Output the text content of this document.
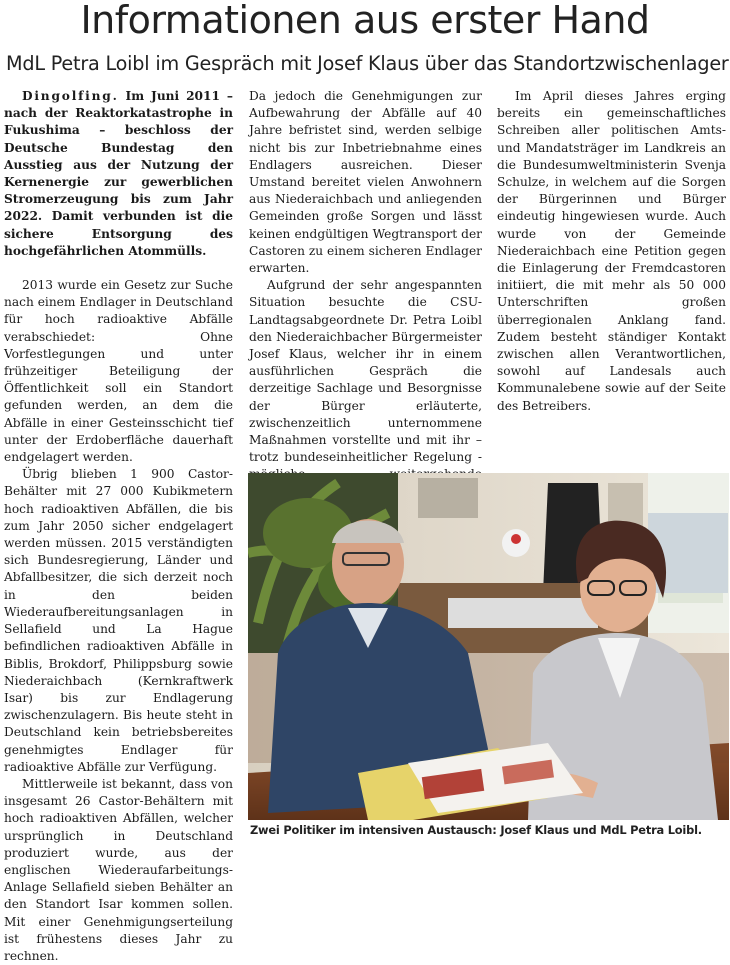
Informationen aus erster Hand
MdL Petra Loibl im Gespräch mit Josef Klaus über das Standortzwischenlager

Dingolfing. Im Juni 2011 – nach der Reaktorkatastrophe in Fukushima – beschloss der Deutsche Bundestag den Ausstieg aus der Nutzung der Kernenergie zur gewerblichen Stromerzeugung bis zum Jahr 2022. Damit verbunden ist die sichere Entsorgung des hochgefährlichen Atommülls.

2013 wurde ein Gesetz zur Suche nach einem Endlager in Deutschland für hoch radioaktive Abfälle verabschiedet: Ohne Vorfestlegungen und unter frühzeitiger Beteiligung der Öffentlichkeit soll ein Standort gefunden werden, an dem die Abfälle in einer Gesteinsschicht tief unter der Erdoberfläche dauerhaft endgelagert werden.

Übrig blieben 1 900 Castor-Behälter mit 27 000 Kubikmetern hoch radioaktiven Abfällen, die bis zum Jahr 2050 sicher endgelagert werden müssen. 2015 verständigten sich Bundesregierung, Länder und Abfallbesitzer, die sich derzeit noch in den beiden Wiederaufbereitungsanlagen in Sellafield und La Hague befindlichen radioaktiven Abfälle in Biblis, Brokdorf, Philippsburg sowie Niederaichbach (Kernkraftwerk Isar) bis zur Endlagerung zwischenzulagern. Bis heute steht in Deutschland kein betriebsbereites genehmigtes Endlager für radioaktive Abfälle zur Verfügung.

Mittlerweile ist bekannt, dass von insgesamt 26 Castor-Behältern mit hoch radioaktiven Abfällen, welcher ursprünglich in Deutschland produziert wurde, aus der englischen Wiederaufarbeitungs-Anlage Sellafield sieben Behälter an den Standort Isar kommen sollen. Mit einer Genehmigungserteilung ist frühestens dieses Jahr zu rechnen.

Da jedoch die Genehmigungen zur Aufbewahrung der Abfälle auf 40 Jahre befristet sind, werden selbige nicht bis zur Inbetriebnahme eines Endlagers ausreichen. Dieser Umstand bereitet vielen Anwohnern aus Niederaichbach und anliegenden Gemeinden große Sorgen und lässt keinen endgültigen Wegtransport der Castoren zu einem sicheren Endlager erwarten.

Aufgrund der sehr angespannten Situation besuchte die CSU-Landtagsabgeordnete Dr. Petra Loibl den Niederaichbacher Bürgermeister Josef Klaus, welcher ihr in einem ausführlichen Gespräch die derzeitige Sachlage und Besorgnisse der Bürger erläuterte, zwischenzeitlich unternommene Maßnahmen vorstellte und mit ihr – trotz bundeseinheitlicher Regelung -

Im April dieses Jahres erging bereits ein gemeinschaftliches Schreiben aller politischen Amts- und Mandatsträger im Landkreis an die Bundesumweltministerin Svenja Schulze, in welchem auf die Sorgen der Bürgerinnen und Bürger eindeutig hingewiesen wurde. Auch wurde von der Gemeinde Niederaichbach eine Petition gegen die Einlagerung der Fremdcastoren initiiert, die mit mehr als 50 000 Unterschriften großen überregionalen Anklang fand. Zudem besteht ständiger Kontakt zwischen allen Verantwortlichen, sowohl auf Landesals auch Kommunalebene sowie auf der Seite des Betreibers.

Zwei Politiker im intensiven Austausch: Josef Klaus und MdL Petra Loibl.
